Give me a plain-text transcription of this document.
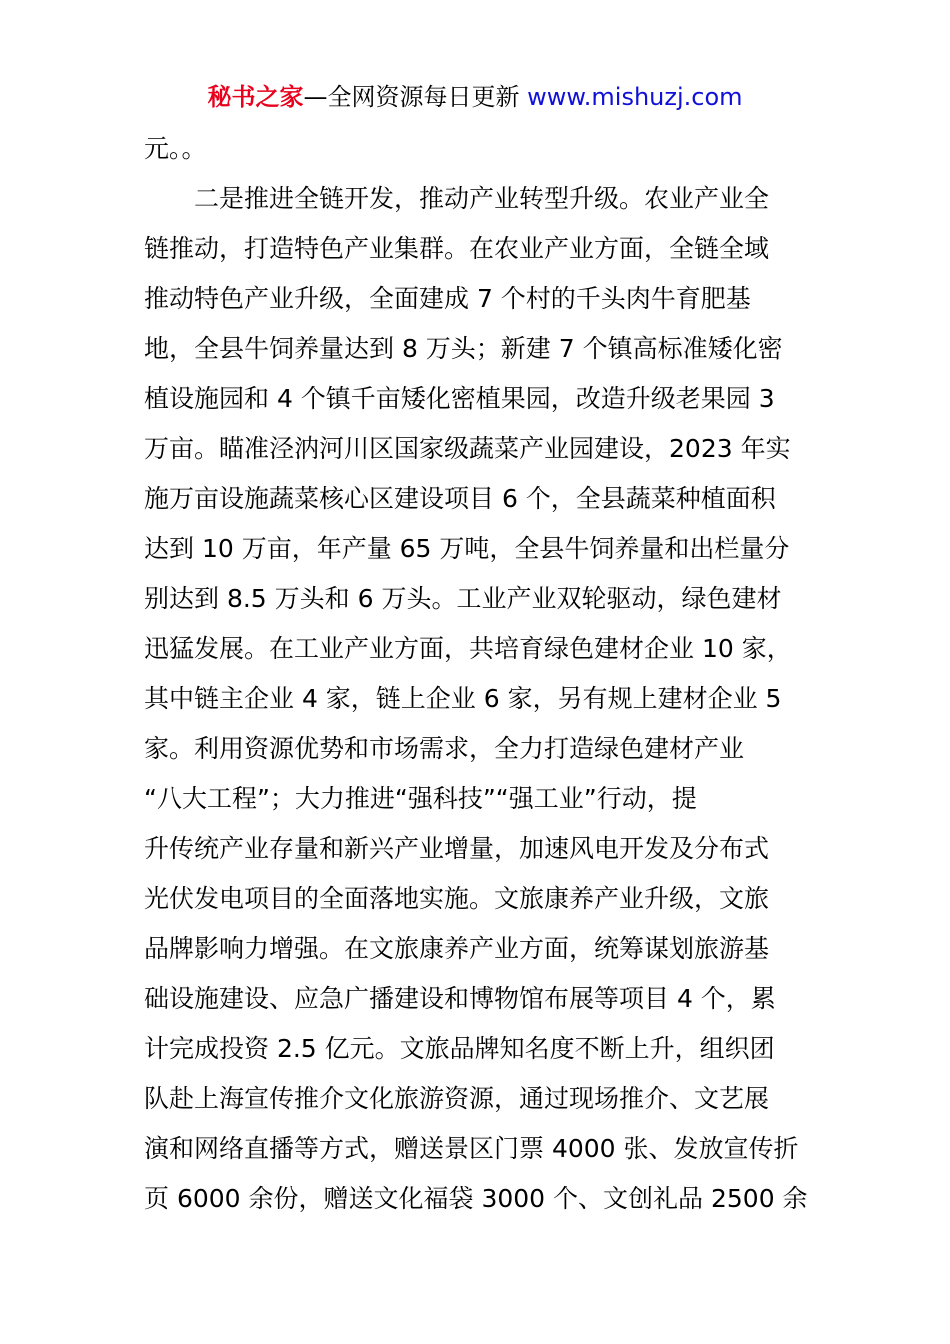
秘书之家—全网资源每日更新 www.mishuzj.com
元。。
二是推进全链开发，推动产业转型升级。农业产业全
链推动，打造特色产业集群。在农业产业方面，全链全域
推动特色产业升级，全面建成 7 个村的千头肉牛育肥基
地，全县牛饲养量达到 8 万头；新建 7 个镇高标准矮化密
植设施园和 4 个镇千亩矮化密植果园，改造升级老果园 3
万亩。瞄准泾汭河川区国家级蔬菜产业园建设，2023 年实
施万亩设施蔬菜核心区建设项目 6 个，全县蔬菜种植面积
达到 10 万亩，年产量 65 万吨，全县牛饲养量和出栏量分
别达到 8.5 万头和 6 万头。工业产业双轮驱动，绿色建材
迅猛发展。在工业产业方面，共培育绿色建材企业 10 家，
其中链主企业 4 家，链上企业 6 家，另有规上建材企业 5
家。利用资源优势和市场需求，全力打造绿色建材产业
“八大工程”；大力推进“强科技”“强工业”行动，提
升传统产业存量和新兴产业增量，加速风电开发及分布式
光伏发电项目的全面落地实施。文旅康养产业升级，文旅
品牌影响力增强。在文旅康养产业方面，统筹谋划旅游基
础设施建设、应急广播建设和博物馆布展等项目 4 个，累
计完成投资 2.5 亿元。文旅品牌知名度不断上升，组织团
队赴上海宣传推介文化旅游资源，通过现场推介、文艺展
演和网络直播等方式，赠送景区门票 4000 张、发放宣传折
页 6000 余份，赠送文化福袋 3000 个、文创礼品 2500 余
